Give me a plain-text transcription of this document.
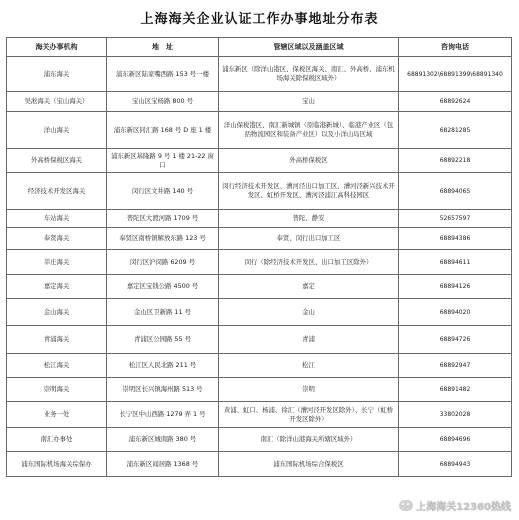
上海海关企业认证工作办事地址分布表
海关办事机构	地　址	管辖区域以及涵盖区域	咨询电话
浦东海关	浦东新区陆家嘴西路 153 号一楼	浦东新区（除洋山港区、保税区海关、南汇、外高桥、浦东机场海关除保税区域外）	68891302\68891399\68891340
吴淞海关（宝山海关）	宝山区宝杨路 800 号	宝山	68892624
洋山海关	浦东新区同汇路 168 号 D 座 1 楼	洋山保税港区、南汇新城镇（原临港新城）、临港产业区（包括物流园区和装备产业区）以及小洋山岛区域	68281285
外高桥保税区海关	浦东新区基隆路 9 号 1 楼 21-22 窗口	外高桥保税区	68892218
经济技术开发区海关	闵行区文井路 140 号	闵行经济技术开发区、漕河泾出口加工区、漕河泾新兴技术开发区、虹桥开发区、漕河泾浦江高科技园区	68894065
车站海关	普陀区大渡河路 1709 号	普陀、静安	52657597
奉贤海关	奉贤区南桥镇解放东路 123 号	奉贤、闵行出口加工区	68894386
莘庄海关	闵行区沪闵路 6209 号	闵行（除经济技术开发区、出口加工区除外）	68894611
嘉定海关	嘉定区宝钱公路 4500 号	嘉定	68894126
金山海关	金山区卫新路 11 号	金山	68894020
青浦海关	青浦区公园路 55 号	青浦	68894726
松江海关	松江区人民北路 211 号	松江	68892947
崇明海关	崇明区长兴镇海州路 513 号	崇明	68891482
业务一处	长宁区中山西路 1279 弄 1 号	黄浦、虹口、杨浦、徐汇（漕河泾开发区除外）、长宁（虹桥开发区除外）	33802028
南汇办事处	浦东新区城南路 380 号	南汇（除洋山港海关所辖区域外）	68894696
浦东国际机场海关综保办	浦东新区闻居路 1368 号	浦东国际机场综合保税区	68894943
上海海关12360热线
